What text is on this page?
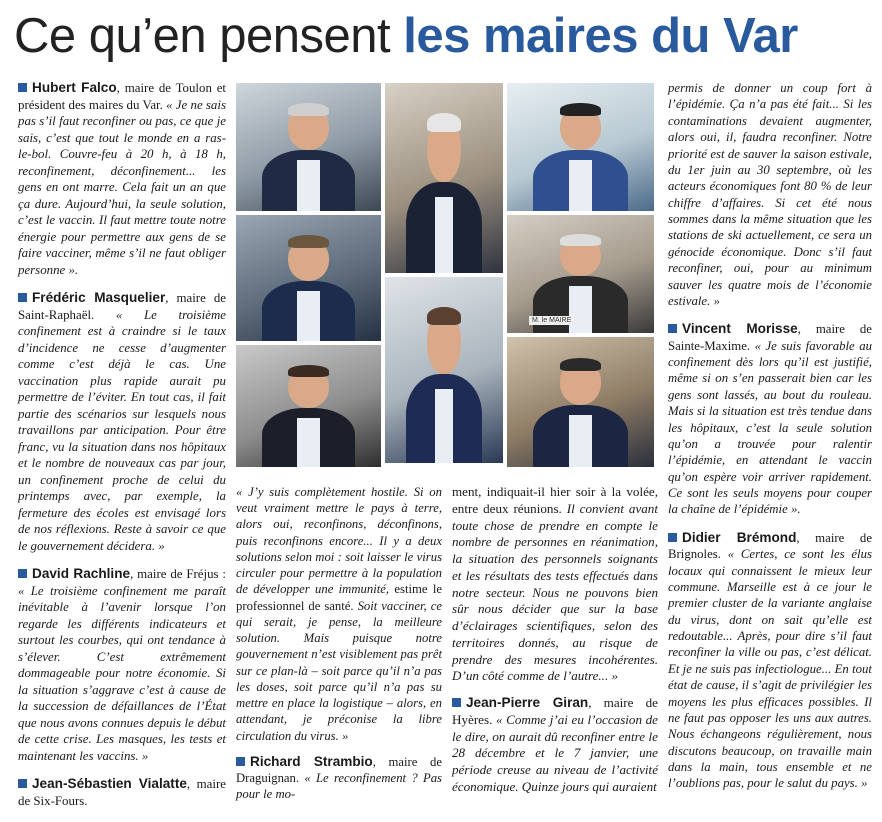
Ce qu’en pensent les maires du Var

Hubert Falco, maire de Toulon et président des maires du Var. « Je ne sais pas s’il faut reconfiner ou pas, ce que je sais, c’est que tout le monde en a ras-le-bol. Couvre-feu à 20 h, à 18 h, reconfinement, déconfinement... les gens en ont marre. Cela fait un an que ça dure. Aujourd’hui, la seule solution, c’est le vaccin. Il faut mettre toute notre énergie pour permettre aux gens de se faire vacciner, même s’il ne faut obliger personne ».

Frédéric Masquelier, maire de Saint-Raphaël. « Le troisième confinement est à craindre si le taux d’incidence ne cesse d’augmenter comme c’est déjà le cas. Une vaccination plus rapide aurait pu permettre de l’éviter. En tout cas, il fait partie des scénarios sur lesquels nous travaillons par anticipation. Pour être franc, vu la situation dans nos hôpitaux et le nombre de nouveaux cas par jour, un confinement proche de celui du printemps avec, par exemple, la fermeture des écoles est envisagé lors de nos réflexions. Reste à savoir ce que le gouvernement décidera. »

David Rachline, maire de Fréjus : « Le troisième confinement me paraît inévitable à l’avenir lorsque l’on regarde les différents indicateurs et surtout les courbes, qui ont tendance à s’élever. C’est extrêmement dommageable pour notre économie. Si la situation s’aggrave c’est à cause de la succession de défaillances de l’État que nous avons connues depuis le début de cette crise. Les masques, les tests et maintenant les vaccins. »

Jean-Sébastien Vialatte, maire de Six-Fours.

M. le MAIRE

« J’y suis complètement hostile. Si on veut vraiment mettre le pays à terre, alors oui, reconfinons, déconfinons, puis reconfinons encore... Il y a deux solutions selon moi : soit laisser le virus circuler pour permettre à la population de développer une immunité, estime le professionnel de santé. Soit vacciner, ce qui serait, je pense, la meilleure solution. Mais puisque notre gouvernement n’est visiblement pas prêt sur ce plan-là – soit parce qu’il n’a pas les doses, soit parce qu’il n’a pas su mettre en place la logistique – alors, en attendant, je préconise la libre circulation du virus. »

Richard Strambio, maire de Draguignan. « Le reconfinement ? Pas pour le mo-

ment, indiquait-il hier soir à la volée, entre deux réunions. Il convient avant toute chose de prendre en compte le nombre de personnes en réanimation, la situation des personnels soignants et les résultats des tests effectués dans notre secteur. Nous ne pouvons bien sûr nous décider que sur la base d’éclairages scientifiques, selon des territoires donnés, au risque de prendre des mesures incohérentes. D’un côté comme de l’autre... »

Jean-Pierre Giran, maire de Hyères. « Comme j’ai eu l’occasion de le dire, on aurait dû reconfiner entre le 28 décembre et le 7 janvier, une période creuse au niveau de l’activité économique. Quinze jours qui auraient

permis de donner un coup fort à l’épidémie. Ça n’a pas été fait... Si les contaminations devaient augmenter, alors oui, il, faudra reconfiner. Notre priorité est de sauver la saison estivale, du 1er juin au 30 septembre, où les acteurs économiques font 80 % de leur chiffre d’affaires. Si cet été nous sommes dans la même situation que les stations de ski actuellement, ce sera un génocide économique. Donc s’il faut reconfiner, oui, pour au minimum sauver les quatre mois de l’économie estivale. »

Vincent Morisse, maire de Sainte-Maxime. « Je suis favorable au confinement dès lors qu’il est justifié, même si on s’en passerait bien car les gens sont lassés, au bout du rouleau. Mais si la situation est très tendue dans les hôpitaux, c’est la seule solution qu’on a trouvée pour ralentir l’épidémie, en attendant le vaccin qu’on espère voir arriver rapidement. Ce sont les seuls moyens pour couper la chaîne de l’épidémie ».

Didier Brémond, maire de Brignoles. « Certes, ce sont les élus locaux qui connaissent le mieux leur commune. Marseille est à ce jour le premier cluster de la variante anglaise du virus, dont on sait qu’elle est redoutable... Après, pour dire s’il faut reconfiner la ville ou pas, c’est délicat. Et je ne suis pas infectiologue... En tout état de cause, il s’agit de privilégier les moyens les plus efficaces possibles. Il ne faut pas opposer les uns aux autres. Nous échangeons régulièrement, nous discutons beaucoup, on travaille main dans la main, tous ensemble et ne l’oublions pas, pour le salut du pays. »
